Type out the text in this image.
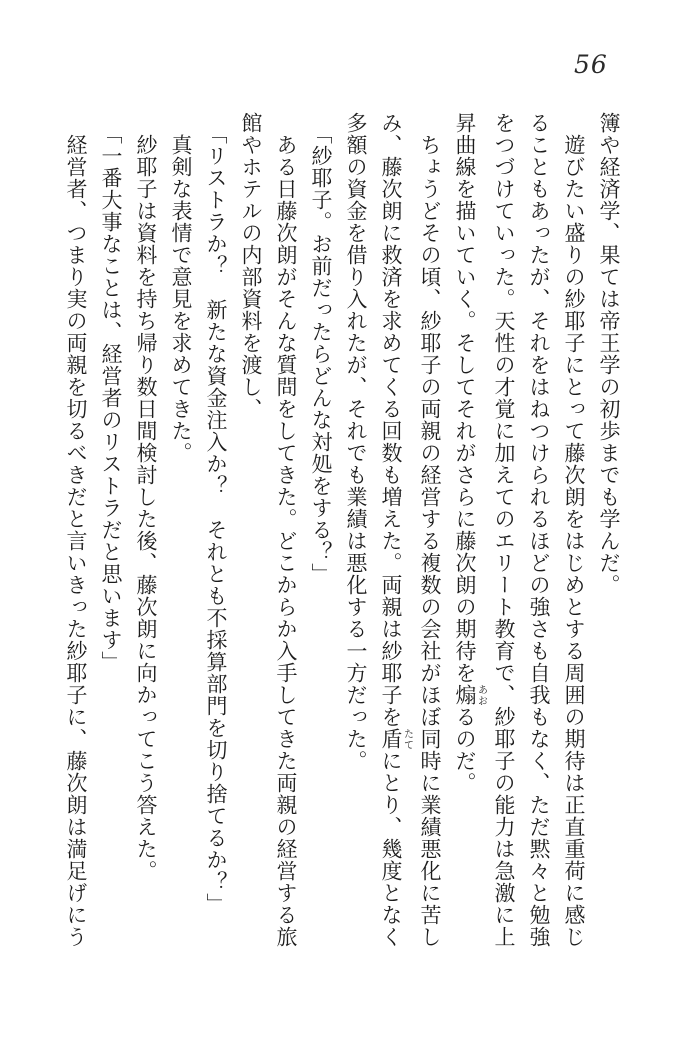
56

簿や経済学、果ては帝王学の初歩までも学んだ。

遊びたい盛りの紗耶子にとって藤次朗をはじめとする周囲の期待は正直重荷に感じ

ることもあったが、それをはねつけられるほどの強さも自我もなく、ただ黙々と勉強

をつづけていった。天性の才覚に加えてのエリート教育で、紗耶子の能力は急激に上

昇曲線を描いていく。そしてそれがさらに藤次朗の期待を煽あおるのだ。

ちょうどその頃、紗耶子の両親の経営する複数の会社がほぼ同時に業績悪化に苦し

み、藤次朗に救済を求めてくる回数も増えた。両親は紗耶子を盾たてにとり、幾度となく

多額の資金を借り入れたが、それでも業績は悪化する一方だった。

「紗耶子。お前だったらどんな対処をする？」

ある日藤次朗がそんな質問をしてきた。どこからか入手してきた両親の経営する旅

館やホテルの内部資料を渡し、

「リストラか？　新たな資金注入か？　それとも不採算部門を切り捨てるか？」

真剣な表情で意見を求めてきた。

紗耶子は資料を持ち帰り数日間検討した後、藤次朗に向かってこう答えた。

「一番大事なことは、経営者のリストラだと思います」

経営者、つまり実の両親を切るべきだと言いきった紗耶子に、藤次朗は満足げにう
